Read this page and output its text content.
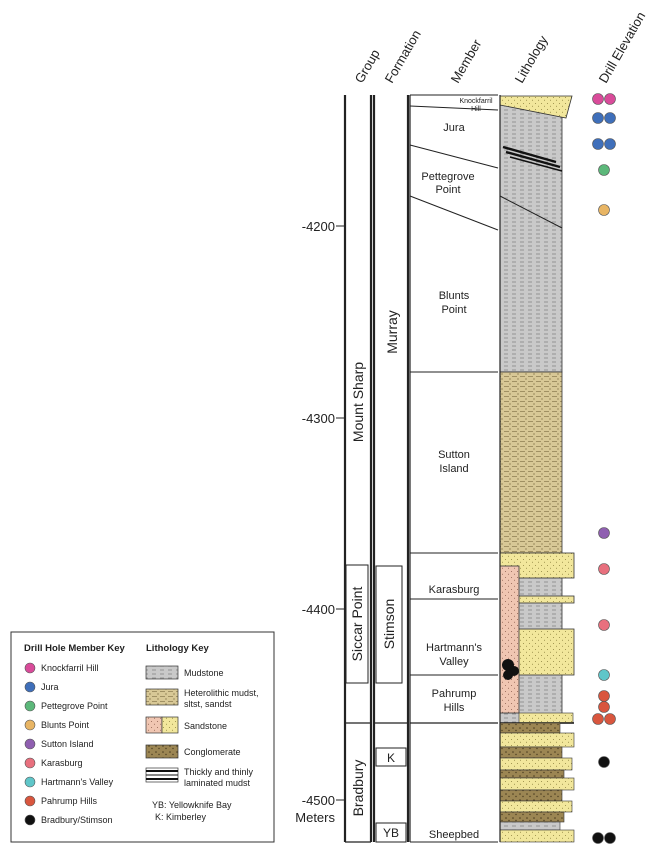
Group
Formation Member Lithology	Drill Elevation
-4200
-4300
-4400
-4500
Meters
Mount Sharp
Siccar Point
Bradbury
Murray
Stimson
K
YB
Knockfarril
Hill
Jura
Pettegrove
Point
Blunts
Point
Sutton
Island
Karasburg
Hartmann's
Valley
Pahrump
Hills
Sheepbed
Drill Hole Member Key Lithology Key
Knockfarril Hill
Jura
Pettegrove Point
Blunts Point
Sutton Island
Karasburg
Hartmann's Valley
Pahrump Hills
Bradbury/Stimson
Mudstone
Heterolithic mudst,
sltst, sandst
Sandstone
Conglomerate
Thickly and thinly
laminated mudst
YB: Yellowknife Bay
K: Kimberley
